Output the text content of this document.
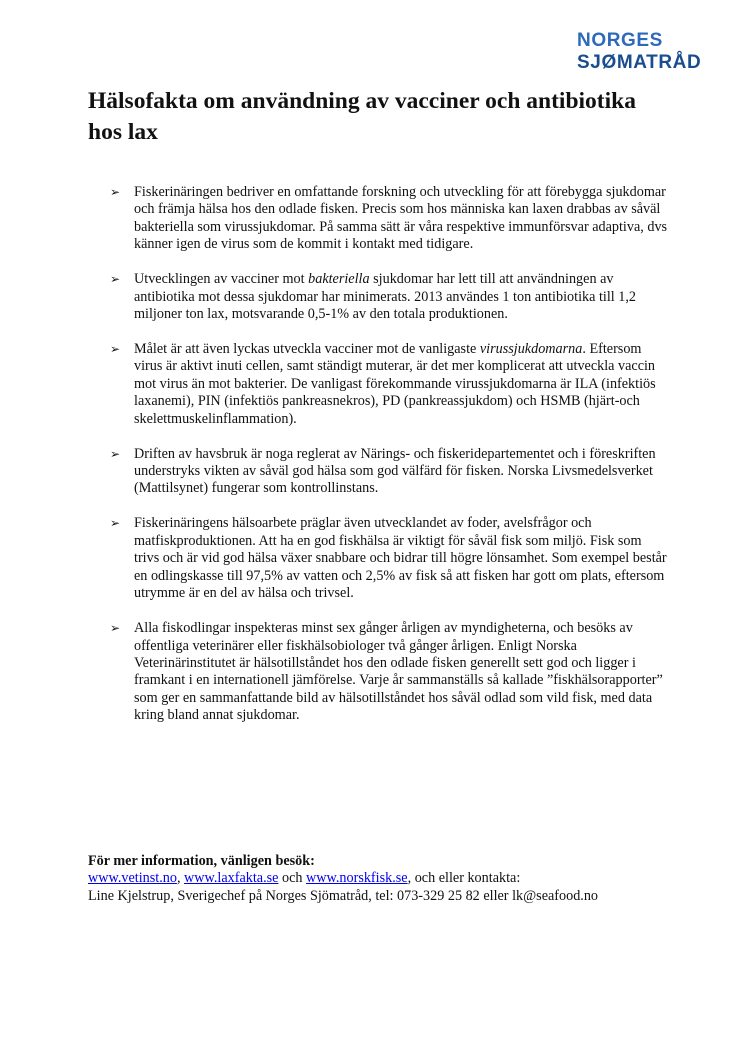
NORGES
SJØMATRÅD
Hälsofakta om användning av vacciner och antibiotika hos lax
➢ Fiskerinäringen bedriver en omfattande forskning och utveckling för att förebygga sjukdomar och främja hälsa hos den odlade fisken. Precis som hos människa kan laxen drabbas av såväl bakteriella som virussjukdomar. På samma sätt är våra respektive immunförsvar adaptiva, dvs känner igen de virus som de kommit i kontakt med tidigare.
➢ Utvecklingen av vacciner mot bakteriella sjukdomar har lett till att användningen av antibiotika mot dessa sjukdomar har minimerats. 2013 användes 1 ton antibiotika till 1,2 miljoner ton lax, motsvarande 0,5-1% av den totala produktionen.
➢ Målet är att även lyckas utveckla vacciner mot de vanligaste virussjukdomarna. Eftersom virus är aktivt inuti cellen, samt ständigt muterar, är det mer komplicerat att utveckla vaccin mot virus än mot bakterier. De vanligast förekommande virussjukdomarna är ILA (infektiös laxanemi), PIN (infektiös pankreasnekros), PD (pankreassjukdom) och HSMB (hjärt-och skelettmuskelinflammation).
➢ Driften av havsbruk är noga reglerat av Närings- och fiskeridepartementet och i föreskriften understryks vikten av såväl god hälsa som god välfärd för fisken. Norska Livsmedelsverket (Mattilsynet) fungerar som kontrollinstans.
➢ Fiskerinäringens hälsoarbete präglar även utvecklandet av foder, avelsfrågor och matfiskproduktionen. Att ha en god fiskhälsa är viktigt för såväl fisk som miljö. Fisk som trivs och är vid god hälsa växer snabbare och bidrar till högre lönsamhet. Som exempel består en odlingskasse till 97,5% av vatten och 2,5% av fisk så att fisken har gott om plats, eftersom utrymme är en del av hälsa och trivsel.
➢ Alla fiskodlingar inspekteras minst sex gånger årligen av myndigheterna, och besöks av offentliga veterinärer eller fiskhälsobiologer två gånger årligen. Enligt Norska Veterinärinstitutet är hälsotillståndet hos den odlade fisken generellt sett god och ligger i framkant i en internationell jämförelse. Varje år sammanställs så kallade ”fiskhälsorapporter” som ger en sammanfattande bild av hälsotillståndet hos såväl odlad som vild fisk, med data kring bland annat sjukdomar.
För mer information, vänligen besök:
www.vetinst.no, www.laxfakta.se och www.norskfisk.se, och eller kontakta:
Line Kjelstrup, Sverigechef på Norges Sjömatråd, tel: 073-329 25 82 eller lk@seafood.no
